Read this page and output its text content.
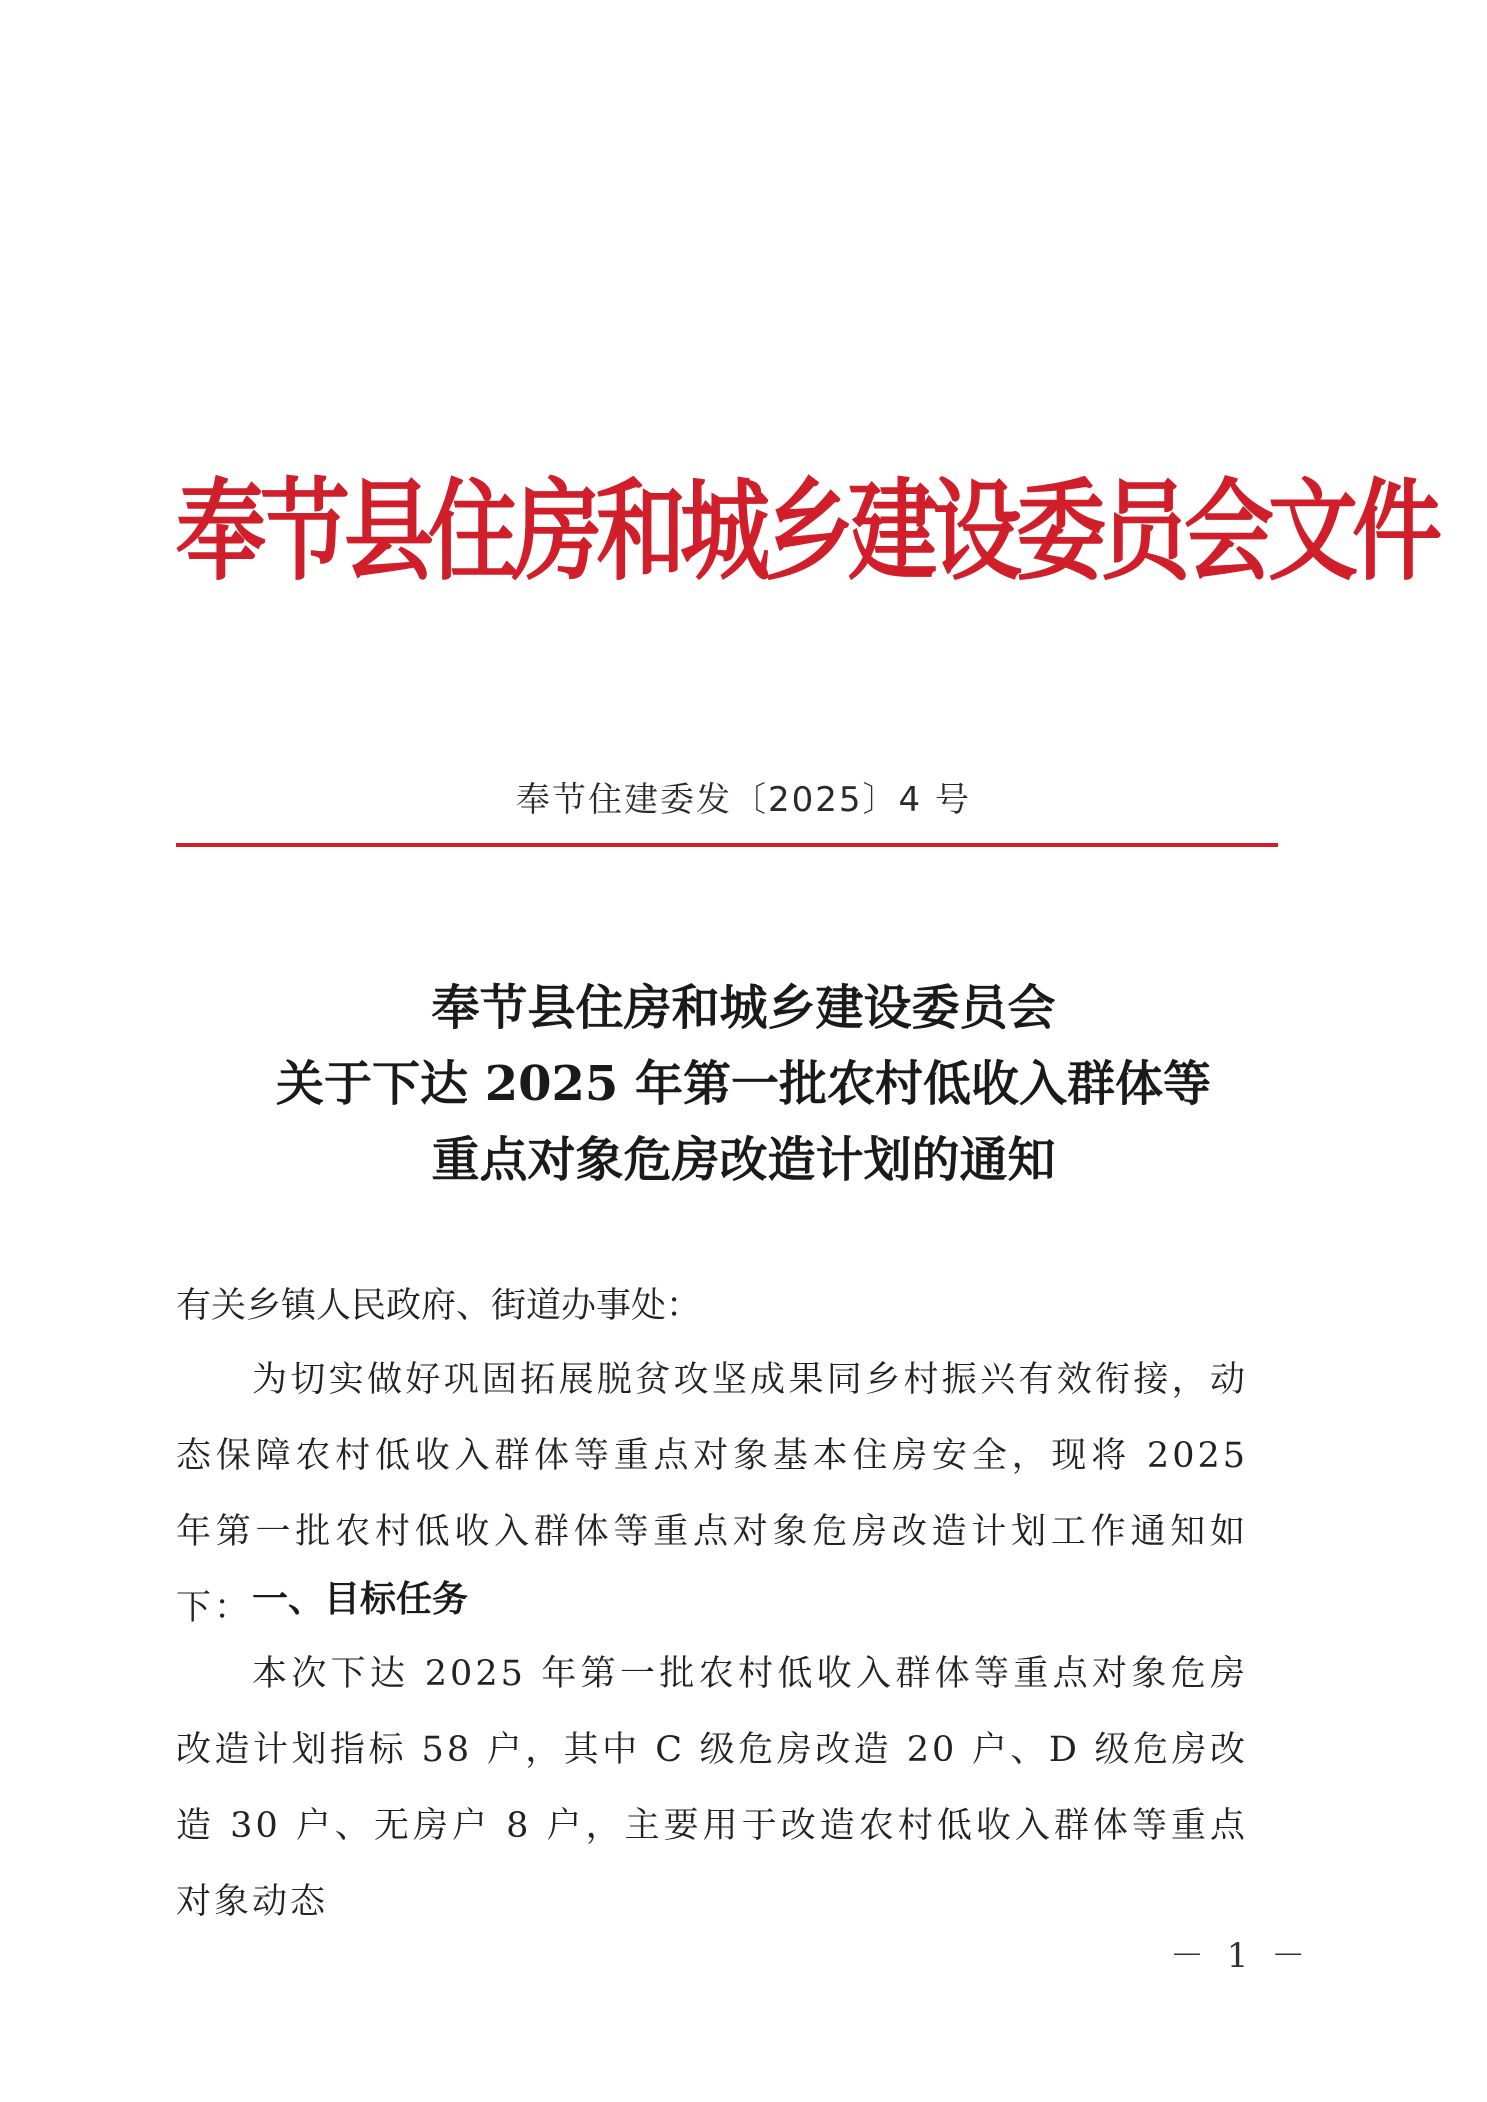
奉节县住房和城乡建设委员会文件
奉节住建委发〔2025〕4 号
奉节县住房和城乡建设委员会
关于下达 2025 年第一批农村低收入群体等
重点对象危房改造计划的通知
有关乡镇人民政府、街道办事处：
为切实做好巩固拓展脱贫攻坚成果同乡村振兴有效衔接，动态保障农村低收入群体等重点对象基本住房安全，现将 2025 年第一批农村低收入群体等重点对象危房改造计划工作通知如下： 一、目标任务
本次下达 2025 年第一批农村低收入群体等重点对象危房改造计划指标 58 户，其中 C 级危房改造 20 户、D 级危房改造 30 户、无房户 8 户，主要用于改造农村低收入群体等重点对象动态
－ 1 －
